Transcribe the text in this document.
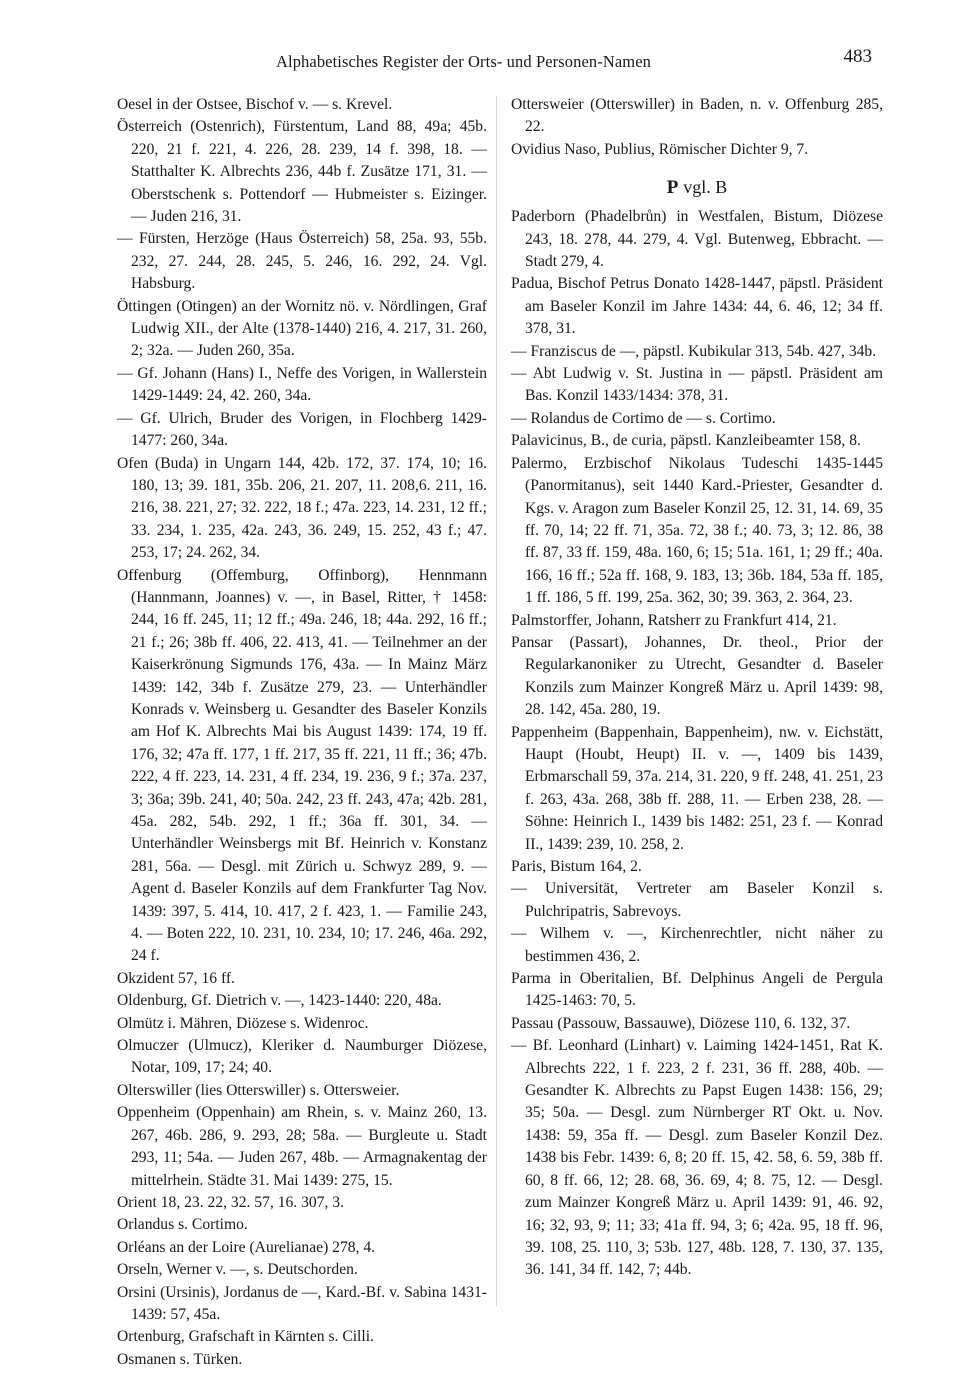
Alphabetisches Register der Orts- und Personen-Namen	483
Oesel in der Ostsee, Bischof v. — s. Krevel.
Österreich (Ostenrich), Fürstentum, Land 88, 49a; 45b. 220, 21 f. 221, 4. 226, 28. 239, 14 f. 398, 18. — Statthalter K. Albrechts 236, 44b f. Zusätze 171, 31. — Oberstschenk s. Pottendorf — Hubmeister s. Eizinger. — Juden 216, 31.
— Fürsten, Herzöge (Haus Österreich) 58, 25a. 93, 55b. 232, 27. 244, 28. 245, 5. 246, 16. 292, 24. Vgl. Habsburg.
Öttingen (Otingen) an der Wornitz nö. v. Nördlingen, Graf Ludwig XII., der Alte (1378-1440) 216, 4. 217, 31. 260, 2; 32a. — Juden 260, 35a.
— Gf. Johann (Hans) I., Neffe des Vorigen, in Wallerstein 1429-1449: 24, 42. 260, 34a.
— Gf. Ulrich, Bruder des Vorigen, in Flochberg 1429-1477: 260, 34a.
Ofen (Buda) in Ungarn 144, 42b. 172, 37. 174, 10; 16. 180, 13; 39. 181, 35b. 206, 21. 207, 11. 208,6. 211, 16. 216, 38. 221, 27; 32. 222, 18 f.; 47a. 223, 14. 231, 12 ff.; 33. 234, 1. 235, 42a. 243, 36. 249, 15. 252, 43 f.; 47. 253, 17; 24. 262, 34.
Offenburg (Offemburg, Offinborg), Hennmann (Hannmann, Joannes) v. —, in Basel, Ritter, † 1458: 244, 16 ff. 245, 11; 12 ff.; 49a. 246, 18; 44a. 292, 16 ff.; 21 f.; 26; 38b ff. 406, 22. 413, 41. — Teilnehmer an der Kaiserkrönung Sigmunds 176, 43a. — In Mainz März 1439: 142, 34b f. Zusätze 279, 23. — Unterhändler Konrads v. Weinsberg u. Gesandter des Baseler Konzils am Hof K. Albrechts Mai bis August 1439: 174, 19 ff. 176, 32; 47a ff. 177, 1 ff. 217, 35 ff. 221, 11 ff.; 36; 47b. 222, 4 ff. 223, 14. 231, 4 ff. 234, 19. 236, 9 f.; 37a. 237, 3; 36a; 39b. 241, 40; 50a. 242, 23 ff. 243, 47a; 42b. 281, 45a. 282, 54b. 292, 1 ff.; 36a ff. 301, 34. — Unterhändler Weinsbergs mit Bf. Heinrich v. Konstanz 281, 56a. — Desgl. mit Zürich u. Schwyz 289, 9. — Agent d. Baseler Konzils auf dem Frankfurter Tag Nov. 1439: 397, 5. 414, 10. 417, 2 f. 423, 1. — Familie 243, 4. — Boten 222, 10. 231, 10. 234, 10; 17. 246, 46a. 292, 24 f.
Okzident 57, 16 ff.
Oldenburg, Gf. Dietrich v. —, 1423-1440: 220, 48a.
Olmütz i. Mähren, Diözese s. Widenroc.
Olmuczer (Ulmucz), Kleriker d. Naumburger Diözese, Notar, 109, 17; 24; 40.
Olterswiller (lies Otterswiller) s. Ottersweier.
Oppenheim (Oppenhain) am Rhein, s. v. Mainz 260, 13. 267, 46b. 286, 9. 293, 28; 58a. — Burgleute u. Stadt 293, 11; 54a. — Juden 267, 48b. — Armagnakentag der mittelrhein. Städte 31. Mai 1439: 275, 15.
Orient 18, 23. 22, 32. 57, 16. 307, 3.
Orlandus s. Cortimo.
Orléans an der Loire (Aurelianae) 278, 4.
Orseln, Werner v. —, s. Deutschorden.
Orsini (Ursinis), Jordanus de —, Kard.-Bf. v. Sabina 1431-1439: 57, 45a.
Ortenburg, Grafschaft in Kärnten s. Cilli.
Osmanen s. Türken.
Ottersweier (Otterswiller) in Baden, n. v. Offenburg 285, 22.
Ovidius Naso, Publius, Römischer Dichter 9, 7.
P vgl. B
Paderborn (Phadelbrůn) in Westfalen, Bistum, Diözese 243, 18. 278, 44. 279, 4. Vgl. Butenweg, Ebbracht. — Stadt 279, 4.
Padua, Bischof Petrus Donato 1428-1447, päpstl. Präsident am Baseler Konzil im Jahre 1434: 44, 6. 46, 12; 34 ff. 378, 31.
— Franziscus de —, päpstl. Kubikular 313, 54b. 427, 34b.
— Abt Ludwig v. St. Justina in — päpstl. Präsident am Bas. Konzil 1433/1434: 378, 31.
— Rolandus de Cortimo de — s. Cortimo.
Palavicinus, B., de curia, päpstl. Kanzleibeamter 158, 8.
Palermo, Erzbischof Nikolaus Tudeschi 1435-1445 (Panormitanus), seit 1440 Kard.-Priester, Gesandter d. Kgs. v. Aragon zum Baseler Konzil 25, 12. 31, 14. 69, 35 ff. 70, 14; 22 ff. 71, 35a. 72, 38 f.; 40. 73, 3; 12. 86, 38 ff. 87, 33 ff. 159, 48a. 160, 6; 15; 51a. 161, 1; 29 ff.; 40a. 166, 16 ff.; 52a ff. 168, 9. 183, 13; 36b. 184, 53a ff. 185, 1 ff. 186, 5 ff. 199, 25a. 362, 30; 39. 363, 2. 364, 23.
Palmstorffer, Johann, Ratsherr zu Frankfurt 414, 21.
Pansar (Passart), Johannes, Dr. theol., Prior der Regularkanoniker zu Utrecht, Gesandter d. Baseler Konzils zum Mainzer Kongreß März u. April 1439: 98, 28. 142, 45a. 280, 19.
Pappenheim (Bappenhain, Bappenheim), nw. v. Eichstätt, Haupt (Houbt, Heupt) II. v. —, 1409 bis 1439, Erbmarschall 59, 37a. 214, 31. 220, 9 ff. 248, 41. 251, 23 f. 263, 43a. 268, 38b ff. 288, 11. — Erben 238, 28. — Söhne: Heinrich I., 1439 bis 1482: 251, 23 f. — Konrad II., 1439: 239, 10. 258, 2.
Paris, Bistum 164, 2.
— Universität, Vertreter am Baseler Konzil s. Pulchripatris, Sabrevoys.
— Wilhem v. —, Kirchenrechtler, nicht näher zu bestimmen 436, 2.
Parma in Oberitalien, Bf. Delphinus Angeli de Pergula 1425-1463: 70, 5.
Passau (Passouw, Bassauwe), Diözese 110, 6. 132, 37.
— Bf. Leonhard (Linhart) v. Laiming 1424-1451, Rat K. Albrechts 222, 1 f. 223, 2 f. 231, 36 ff. 288, 40b. — Gesandter K. Albrechts zu Papst Eugen 1438: 156, 29; 35; 50a. — Desgl. zum Nürnberger RT Okt. u. Nov. 1438: 59, 35a ff. — Desgl. zum Baseler Konzil Dez. 1438 bis Febr. 1439: 6, 8; 20 ff. 15, 42. 58, 6. 59, 38b ff. 60, 8 ff. 66, 12; 28. 68, 36. 69, 4; 8. 75, 12. — Desgl. zum Mainzer Kongreß März u. April 1439: 91, 46. 92, 16; 32, 93, 9; 11; 33; 41a ff. 94, 3; 6; 42a. 95, 18 ff. 96, 39. 108, 25. 110, 3; 53b. 127, 48b. 128, 7. 130, 37. 135, 36. 141, 34 ff. 142, 7; 44b.
